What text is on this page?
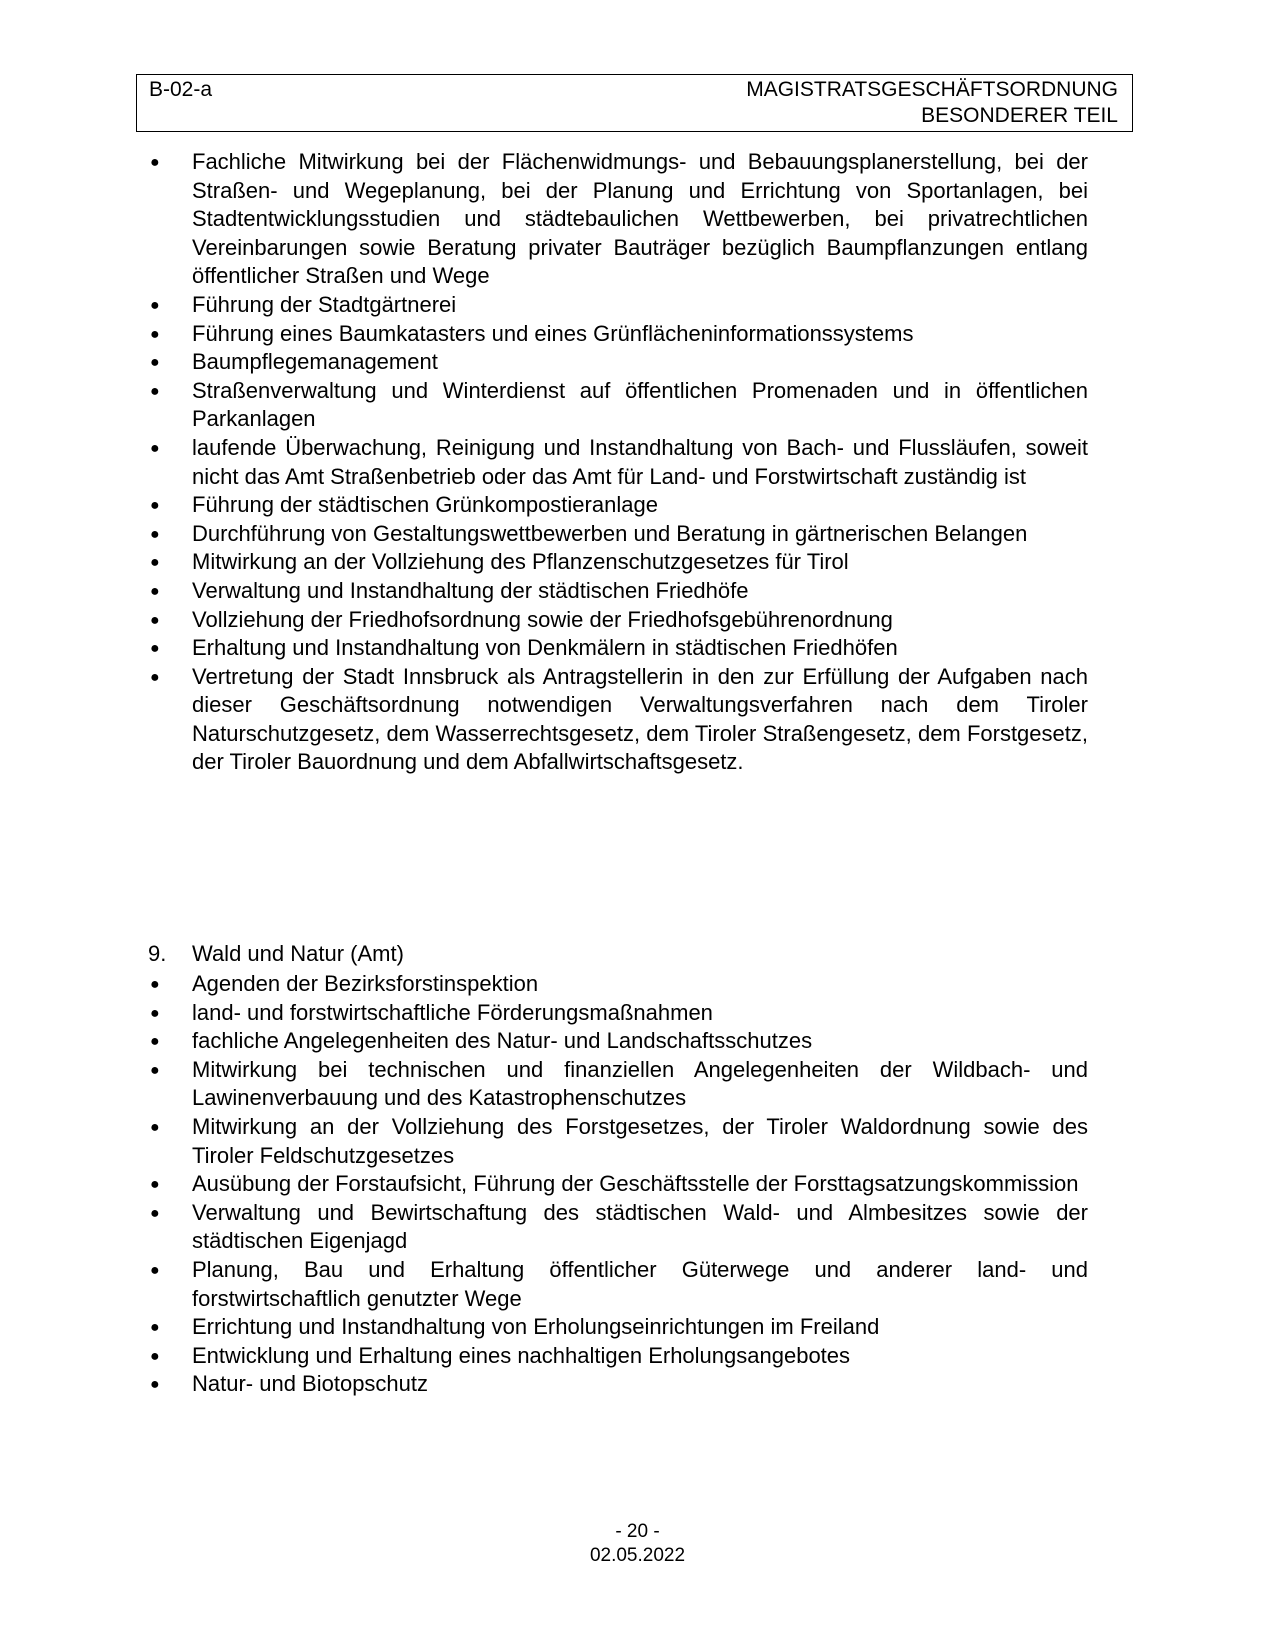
B-02-a	MAGISTRATSGESCHÄFTSORDNUNG
BESONDERER TEIL
● Fachliche Mitwirkung bei der Flächenwidmungs- und Bebauungsplanerstellung, bei der Straßen- und Wegeplanung, bei der Planung und Errichtung von Sportanlagen, bei Stadtentwicklungsstudien und städtebaulichen Wettbewerben, bei privatrechtlichen Vereinbarungen sowie Beratung privater Bauträger bezüglich Baumpflanzungen entlang öffentlicher Straßen und Wege
● Führung der Stadtgärtnerei
● Führung eines Baumkatasters und eines Grünflächeninformationssystems
● Baumpflegemanagement
● Straßenverwaltung und Winterdienst auf öffentlichen Promenaden und in öffentlichen Parkanlagen
● laufende Überwachung, Reinigung und Instandhaltung von Bach- und Flussläufen, soweit nicht das Amt Straßenbetrieb oder das Amt für Land- und Forstwirtschaft zuständig ist
● Führung der städtischen Grünkompostieranlage
● Durchführung von Gestaltungswettbewerben und Beratung in gärtnerischen Belangen
● Mitwirkung an der Vollziehung des Pflanzenschutzgesetzes für Tirol
● Verwaltung und Instandhaltung der städtischen Friedhöfe
● Vollziehung der Friedhofsordnung sowie der Friedhofsgebührenordnung
● Erhaltung und Instandhaltung von Denkmälern in städtischen Friedhöfen
● Vertretung der Stadt Innsbruck als Antragstellerin in den zur Erfüllung der Aufgaben nach dieser Geschäftsordnung notwendigen Verwaltungsverfahren nach dem Tiroler Naturschutzgesetz, dem Wasserrechtsgesetz, dem Tiroler Straßengesetz, dem Forstgesetz, der Tiroler Bauordnung und dem Abfallwirtschaftsgesetz.
9. Wald und Natur (Amt)
● Agenden der Bezirksforstinspektion
● land- und forstwirtschaftliche Förderungsmaßnahmen
● fachliche Angelegenheiten des Natur- und Landschaftsschutzes
● Mitwirkung bei technischen und finanziellen Angelegenheiten der Wildbach- und Lawinenverbauung und des Katastrophenschutzes
● Mitwirkung an der Vollziehung des Forstgesetzes, der Tiroler Waldordnung sowie des Tiroler Feldschutzgesetzes
● Ausübung der Forstaufsicht, Führung der Geschäftsstelle der Forsttagsatzungskommission
● Verwaltung und Bewirtschaftung des städtischen Wald- und Almbesitzes sowie der städtischen Eigenjagd
● Planung, Bau und Erhaltung öffentlicher Güterwege und anderer land- und forstwirtschaftlich genutzter Wege
● Errichtung und Instandhaltung von Erholungseinrichtungen im Freiland
● Entwicklung und Erhaltung eines nachhaltigen Erholungsangebotes
● Natur- und Biotopschutz
- 20 -
02.05.2022
